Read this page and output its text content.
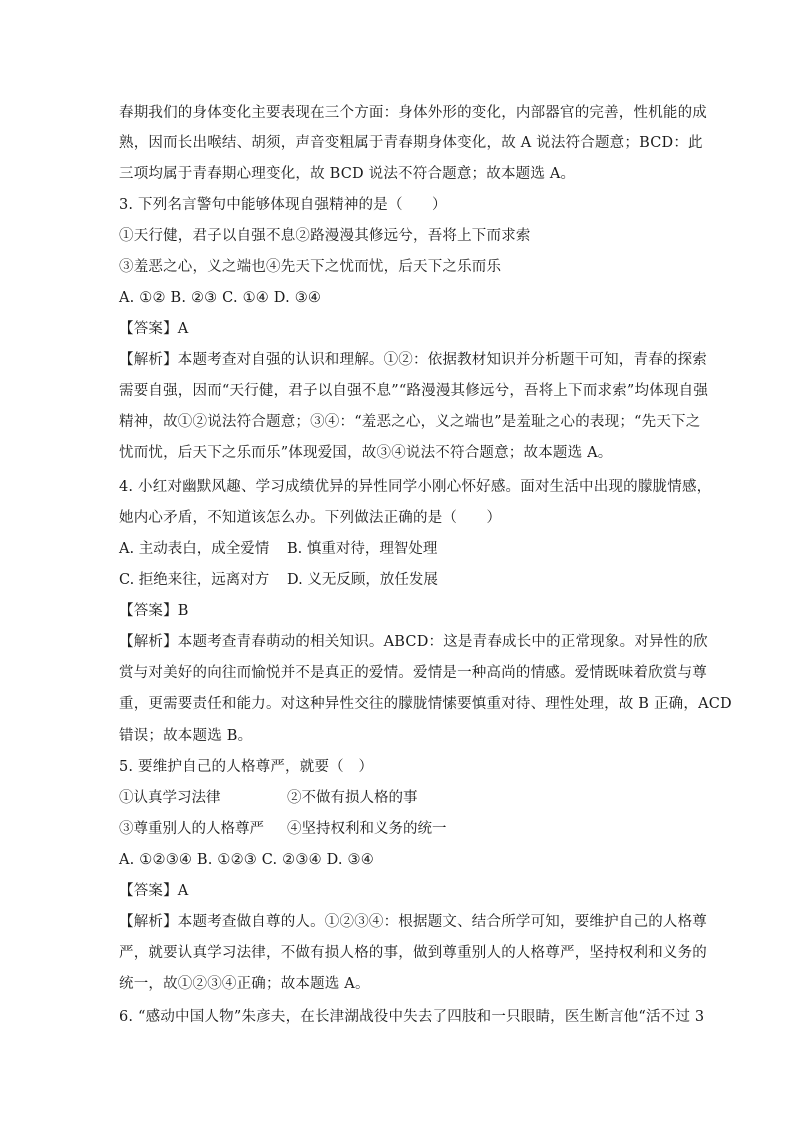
春期我们的身体变化主要表现在三个方面：身体外形的变化，内部器官的完善，性机能的成
熟，因而长出喉结、胡须，声音变粗属于青春期身体变化，故 A 说法符合题意；BCD：此
三项均属于青春期心理变化，故 BCD 说法不符合题意；故本题选 A。
3. 下列名言警句中能够体现自强精神的是（　　）
①天行健，君子以自强不息②路漫漫其修远兮，吾将上下而求索
③羞恶之心，义之端也④先天下之忧而忧，后天下之乐而乐
A. ①② B. ②③ C. ①④ D. ③④
【答案】A
【解析】本题考查对自强的认识和理解。①②：依据教材知识并分析题干可知，青春的探索
需要自强，因而“天行健，君子以自强不息”“路漫漫其修远兮，吾将上下而求索”均体现自强
精神，故①②说法符合题意；③④：“羞恶之心，义之端也”是羞耻之心的表现；“先天下之
忧而忧，后天下之乐而乐”体现爱国，故③④说法不符合题意；故本题选 A。
4. 小红对幽默风趣、学习成绩优异的异性同学小刚心怀好感。面对生活中出现的朦胧情感，
她内心矛盾，不知道该怎么办。下列做法正确的是（　　）
A. 主动表白，成全爱情 B. 慎重对待，理智处理
C. 拒绝来往，远离对方 D. 义无反顾，放任发展
【答案】B
【解析】本题考查青春萌动的相关知识。ABCD：这是青春成长中的正常现象。对异性的欣
赏与对美好的向往而愉悦并不是真正的爱情。爱情是一种高尚的情感。爱情既味着欣赏与尊
重，更需要责任和能力。对这种异性交往的朦胧情愫要慎重对待、理性处理，故 B 正确，ACD
错误；故本题选 B。
5. 要维护自己的人格尊严，就要（　）
①认真学习法律	②不做有损人格的事
③尊重别人的人格尊严 ④坚持权利和义务的统一
A. ①②③④ B. ①②③ C. ②③④ D. ③④
【答案】A
【解析】本题考查做自尊的人。①②③④：根据题文、结合所学可知，要维护自己的人格尊
严，就要认真学习法律，不做有损人格的事，做到尊重别人的人格尊严，坚持权利和义务的
统一，故①②③④正确；故本题选 A。
6. “感动中国人物”朱彦夫，在长津湖战役中失去了四肢和一只眼睛，医生断言他“活不过 3
